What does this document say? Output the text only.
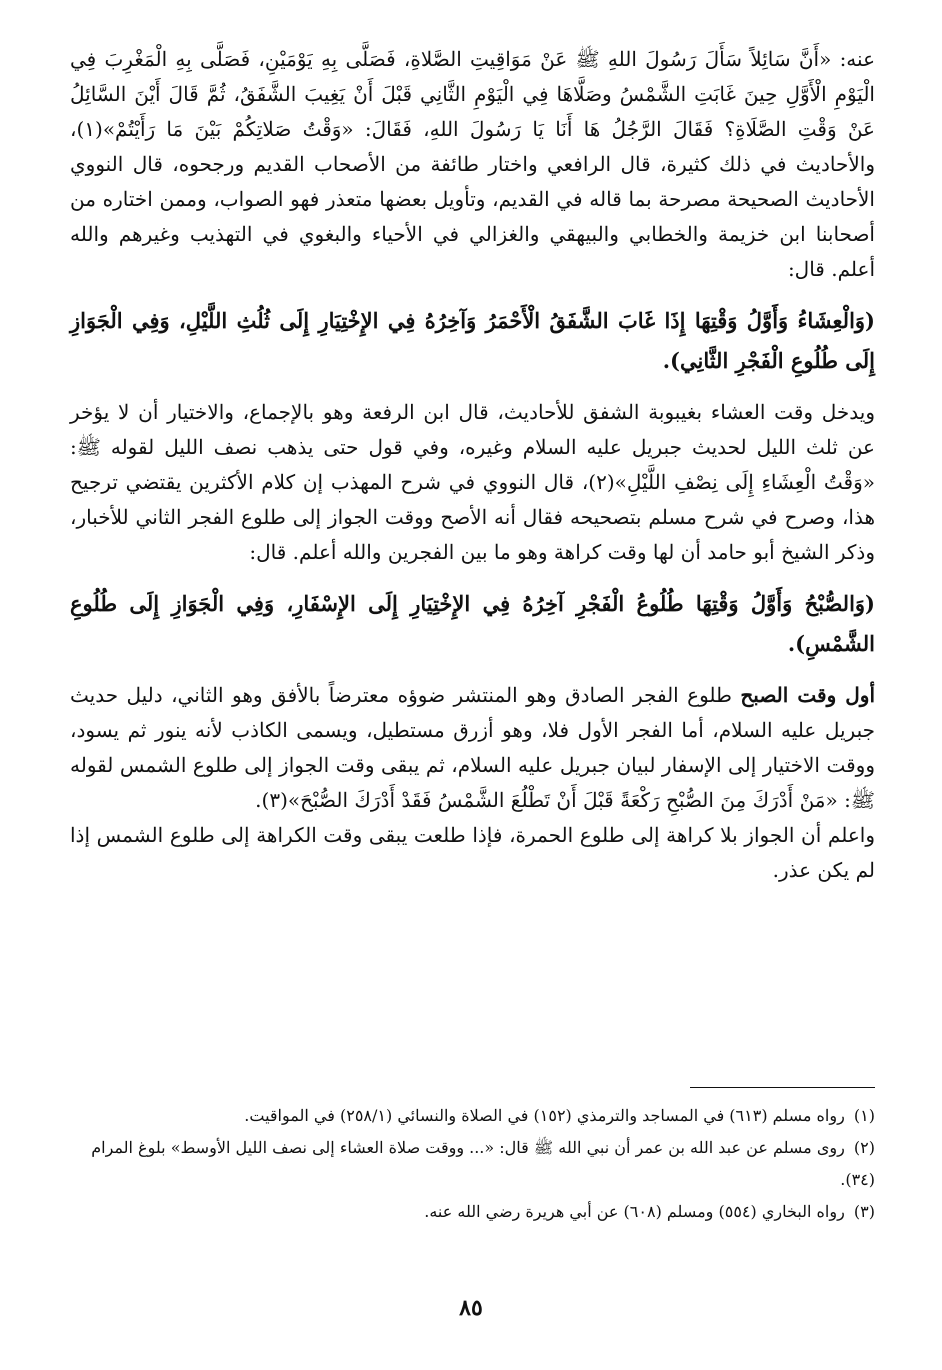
عنه: «أَنَّ سَائِلاً سَأَلَ رَسُولَ اللهِ ﷺ عَنْ مَوَاقِيتِ الصَّلاةِ، فَصَلَّى بِهِ يَوْمَيْنِ، فَصَلَّى بِهِ الْمَغْرِبَ فِي الْيَوْمِ الْأَوَّلِ حِينَ غَابَتِ الشَّمْسُ وصَلَّاهَا فِي الْيَوْمِ الثَّانِي قَبْلَ أَنْ يَغِيبَ الشَّفَقُ، ثُمَّ قَالَ أَيْنَ السَّائِلُ عَنْ وَقْتِ الصَّلَاةِ؟ فَقَالَ الرَّجُلُ هَا أَنَا يَا رَسُولَ اللهِ، فَقَالَ: «وَقْتُ صَلاتِكُمْ بَيْنَ مَا رَأَيْتُمْ»(١)، والأحاديث في ذلك كثيرة، قال الرافعي واختار طائفة من الأصحاب القديم ورجحوه، قال النووي الأحاديث الصحيحة مصرحة بما قاله في القديم، وتأويل بعضها متعذر فهو الصواب، وممن اختاره من أصحابنا ابن خزيمة والخطابي والبيهقي والغزالي في الأحياء والبغوي في التهذيب وغيرهم والله أعلم. قال:

(وَالْعِشَاءُ وَأَوَّلُ وَقْتِهَا إِذَا غَابَ الشَّفَقُ الْأَحْمَرُ وَآخِرُهُ فِي الإِخْتِيَارِ إِلَى ثُلُثِ اللَّيْلِ، وَفِي الْجَوَازِ إِلَى طُلُوعِ الْفَجْرِ الثَّانِي).

ويدخل وقت العشاء بغيبوبة الشفق للأحاديث، قال ابن الرفعة وهو بالإجماع، والاختيار أن لا يؤخر عن ثلث الليل لحديث جبريل عليه السلام وغيره، وفي قول حتى يذهب نصف الليل لقوله ﷺ: «وَقْتُ الْعِشَاءِ إِلَى نِصْفِ اللَّيْلِ»(٢)، قال النووي في شرح المهذب إن كلام الأكثرين يقتضي ترجيح هذا، وصرح في شرح مسلم بتصحيحه فقال أنه الأصح ووقت الجواز إلى طلوع الفجر الثاني للأخبار، وذكر الشيخ أبو حامد أن لها وقت كراهة وهو ما بين الفجرين والله أعلم. قال:

(وَالصُّبْحُ وَأَوَّلُ وَقْتِهَا طُلُوعُ الْفَجْرِ آخِرُهُ فِي الإِخْتِيَارِ إِلَى الإِسْفَارِ، وَفِي الْجَوَازِ إِلَى طُلُوعِ الشَّمْسِ).

أول وقت الصبح طلوع الفجر الصادق وهو المنتشر ضوؤه معترضاً بالأفق وهو الثاني، دليل حديث جبريل عليه السلام، أما الفجر الأول فلا، وهو أزرق مستطيل، ويسمى الكاذب لأنه ينور ثم يسود، ووقت الاختيار إلى الإسفار لبيان جبريل عليه السلام، ثم يبقى وقت الجواز إلى طلوع الشمس لقوله ﷺ: «مَنْ أَدْرَكَ مِنَ الصُّبْحِ رَكْعَةً قَبْلَ أَنْ تَطْلُعَ الشَّمْسُ فَقَدْ أَدْرَكَ الصُّبْحَ»(٣).

واعلم أن الجواز بلا كراهة إلى طلوع الحمرة، فإذا طلعت يبقى وقت الكراهة إلى طلوع الشمس إذا لم يكن عذر.

(١) رواه مسلم (٦١٣) في المساجد والترمذي (١٥٢) في الصلاة والنسائي (٢٥٨/١) في المواقيت.

(٢) روى مسلم عن عبد الله بن عمر أن نبي الله ﷺ قال: «... ووقت صلاة العشاء إلى نصف الليل الأوسط» بلوغ المرام (٣٤).

(٣) رواه البخاري (٥٥٤) ومسلم (٦٠٨) عن أبي هريرة رضي الله عنه.

٨٥
